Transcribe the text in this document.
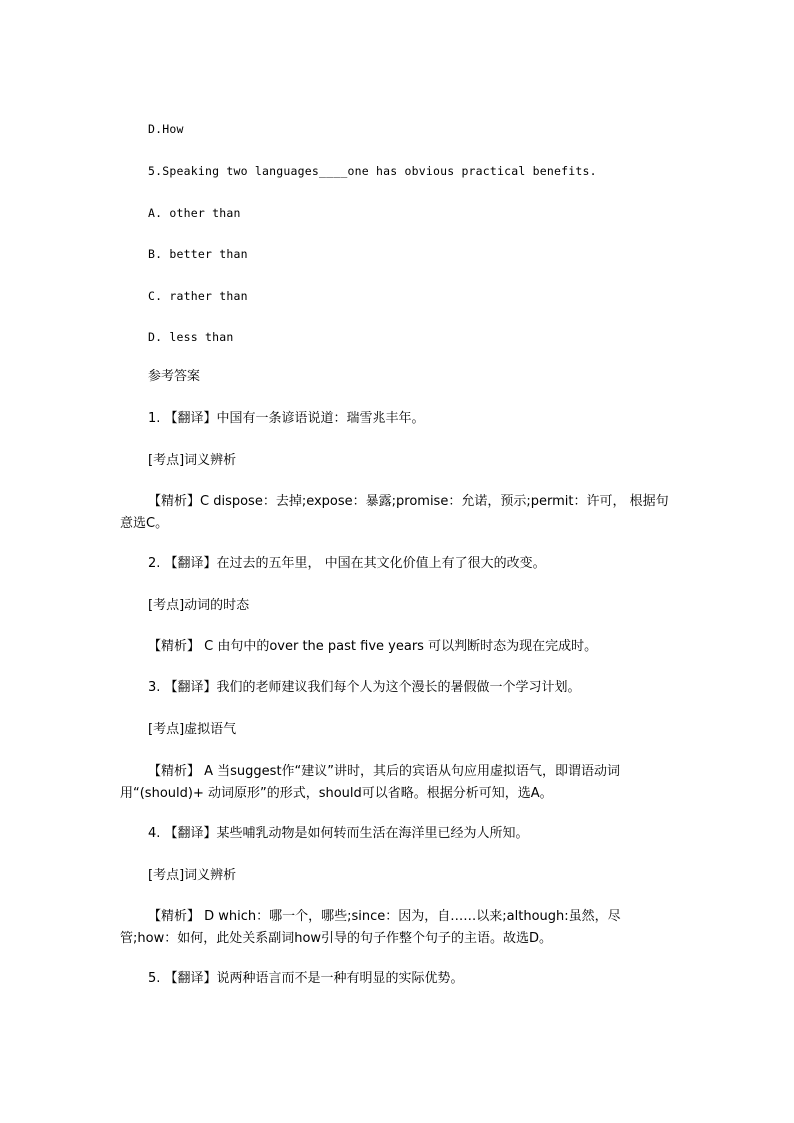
D.How
5.Speaking two languages____one has obvious practical benefits.
A. other than
B. better than
C. rather than
D. less than
参考答案
1. 【翻译】中国有一条谚语说道：瑞雪兆丰年。
[考点]词义辨析
【精析】C dispose：去掉;expose：暴露;promise：允诺，预示;permit：许可， 根据句意选C。
2. 【翻译】在过去的五年里， 中国在其文化价值上有了很大的改变。
[考点]动词的时态
【精析】 C 由句中的over the past five years 可以判断时态为现在完成时。
3. 【翻译】我们的老师建议我们每个人为这个漫长的暑假做一个学习计划。
[考点]虚拟语气
【精析】 A 当suggest作“建议”讲时，其后的宾语从句应用虚拟语气，即谓语动词用“(should)+ 动词原形”的形式，should可以省略。根据分析可知，选A。
4. 【翻译】某些哺乳动物是如何转而生活在海洋里已经为人所知。
[考点]词义辨析
【精析】 D which：哪一个，哪些;since：因为，自……以来;although:虽然，尽管;how：如何，此处关系副词how引导的句子作整个句子的主语。故选D。
5. 【翻译】说两种语言而不是一种有明显的实际优势。
